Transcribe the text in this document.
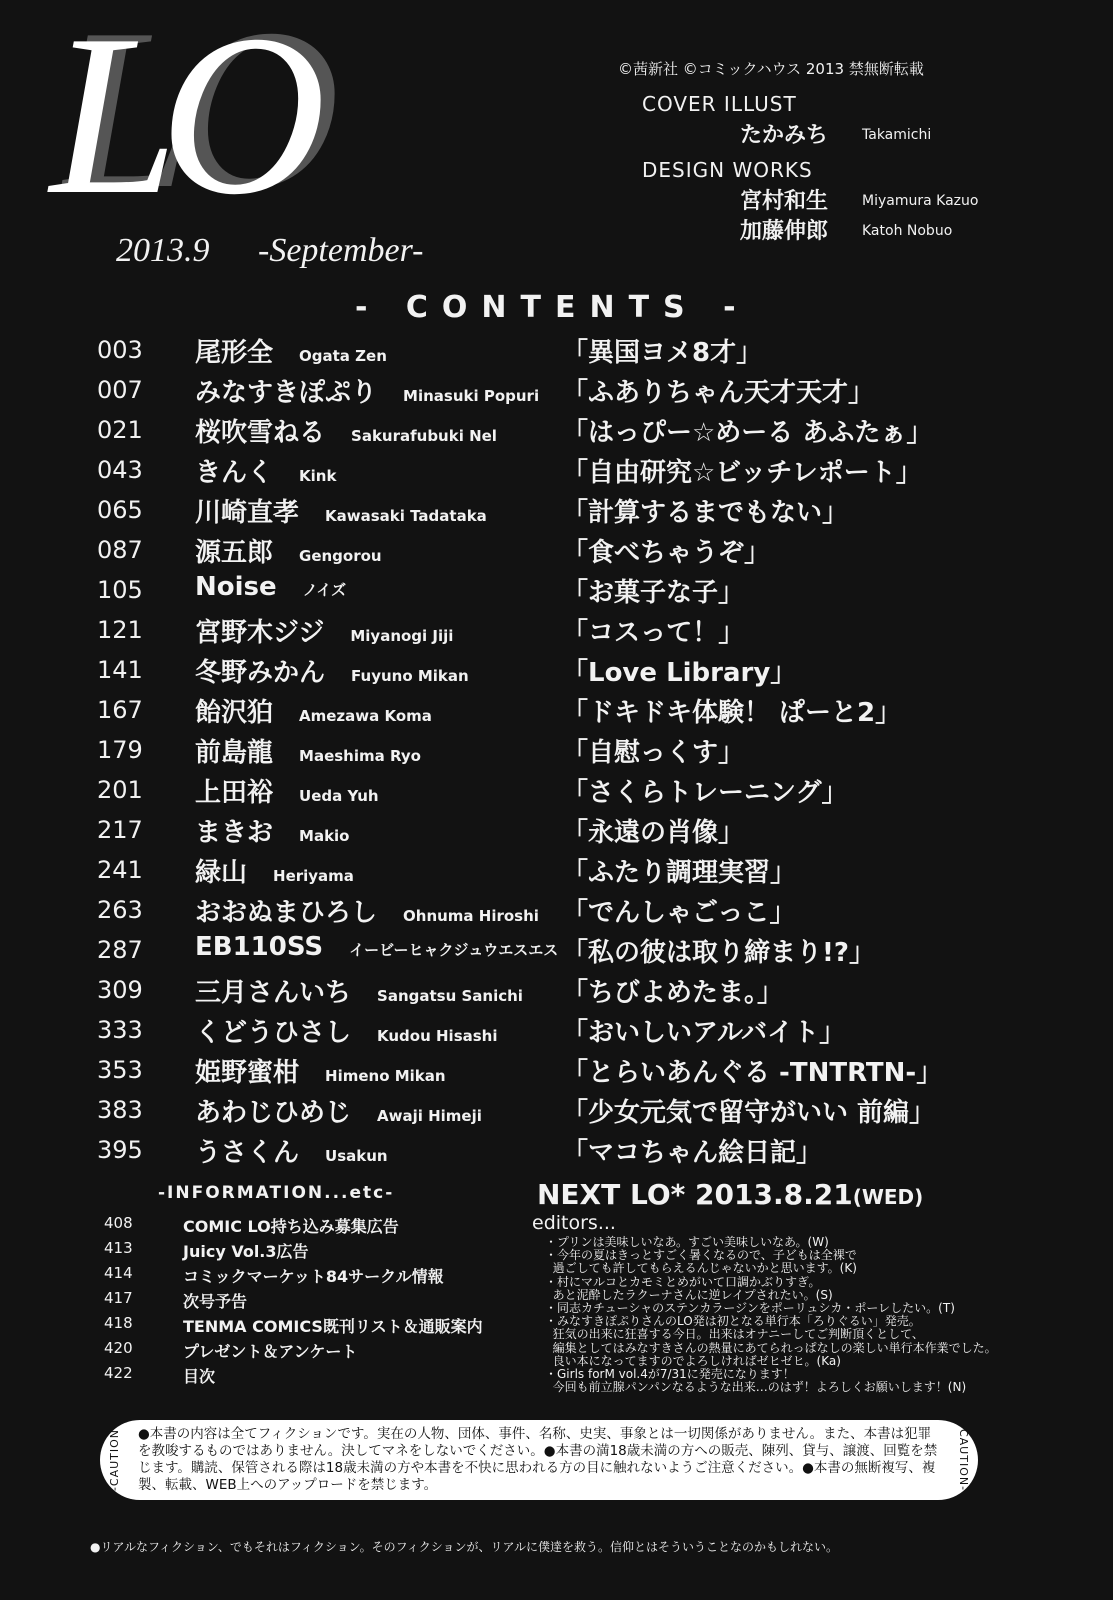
LO
2013.9 -September-
©茜新社 ©コミックハウス 2013 禁無断転載
COVER ILLUST
たかみち Takamichi
DESIGN WORKS
宮村和生 Miyamura Kazuo
加藤伸郎 Katoh Nobuo
- CONTENTS -
003 尾形全 Ogata Zen	「異国ヨメ8才」
007 みなすきぽぷり Minasuki Popuri 「ふありちゃん天才天才」
021 桜吹雪ねる Sakurafubuki Nel	「はっぴー☆めーる あふたぁ」
043 きんく Kink	「自由研究☆ビッチレポート」
065 川崎直孝 Kawasaki Tadataka	「計算するまでもない」
087 源五郎 Gengorou	「食べちゃうぞ」
105 Noise ノイズ	「お菓子な子」
121 宮野木ジジ Miyanogi Jiji	「コスって！」
141 冬野みかん Fuyuno Mikan	「Love Library」
167 飴沢狛 Amezawa Koma	「ドキドキ体験！ ぱーと2」
179 前島龍 Maeshima Ryo	「自慰っくす」
201 上田裕 Ueda Yuh	「さくらトレーニング」
217 まきお Makio	「永遠の肖像」
241 緑山 Heriyama	「ふたり調理実習」
263 おおぬまひろし Ohnuma Hiroshi 「でんしゃごっこ」
287 EB110SS イービーヒャクジュウエスエス 「私の彼は取り締まり!?」
309 三月さんいち Sangatsu Sanichi 「ちびよめたま。」
333 くどうひさし Kudou Hisashi 「おいしいアルバイト」
353 姫野蜜柑 Himeno Mikan	「とらいあんぐる -TNTRTN-」
383 あわじひめじ Awaji Himeji	「少女元気で留守がいい 前編」
395 うさくん Usakun	「マコちゃん絵日記」
-INFORMATION...etc-
408	COMIC LO持ち込み募集広告
413	Juicy Vol.3広告
414	コミックマーケット84サークル情報
417	次号予告
418	TENMA COMICS既刊リスト＆通販案内
420	プレゼント＆アンケート
422	目次
NEXT LO* 2013.8.21(WED)
editors...
・プリンは美味しいなあ。すごい美味しいなあ。(W)
・今年の夏はきっとすごく暑くなるので、子どもは全裸で
過ごしても許してもらえるんじゃないかと思います。(K)
・村にマルコとカモミとめがいて口調かぶりすぎ。
あと泥酔したラクーナさんに逆レイプされたい。(S)
・同志カチューシャのステンカラージンをポーリュシカ・ポーレしたい。(T)
・みなすきぽぷりさんのLO発は初となる単行本「ろりぐるい」発売。
狂気の出来に狂喜する今日。出来はオナニーしてご判断頂くとして、
編集としてはみなすきさんの熱量にあてられっぱなしの楽しい単行本作業でした。
良い本になってますのでよろしければゼヒゼヒ。(Ka)
・Girls forM vol.4が7/31に発売になります！
今回も前立腺パンパンなるような出来…のはず！よろしくお願いします！(N)
-CAUTION- ●本書の内容は全てフィクションです。実在の人物、団体、事件、名称、史実、事象とは一切関係がありません。また、本書は犯罪を教唆するものではありません。決してマネをしないでください。●本書の満18歳未満の方への販売、陳列、貸与、譲渡、回覧を禁じます。購読、保管される際は18歳未満の方や本書を不快に思われる方の目に触れないようご注意ください。●本書の無断複写、複製、転載、WEB上へのアップロードを禁じます。	-CAUTION-
●リアルなフィクション、でもそれはフィクション。そのフィクションが、リアルに僕達を救う。信仰とはそういうことなのかもしれない。
